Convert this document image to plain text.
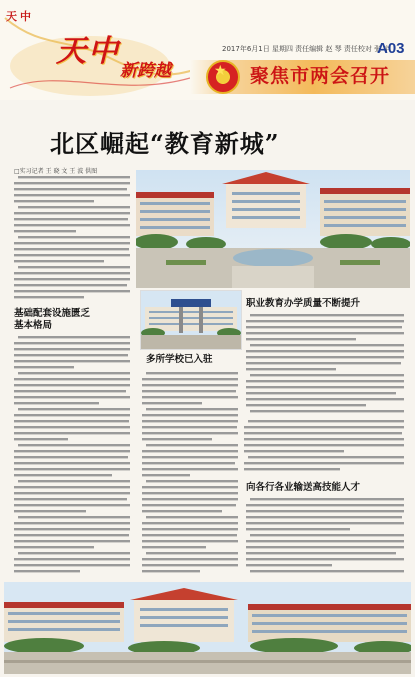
天中
天中
新跨越
2017年6月1日 星期四 责任编辑 赵 琴 责任校对 张 宇
A03
★ 聚焦市两会召开
北区崛起“教育新城”
□实习记者 王 晓 文 王 波 供图
基础配套设施匮乏
基本格局
职业教育办学质量不断提升
多所学校已入驻
向各行各业输送高技能人才
